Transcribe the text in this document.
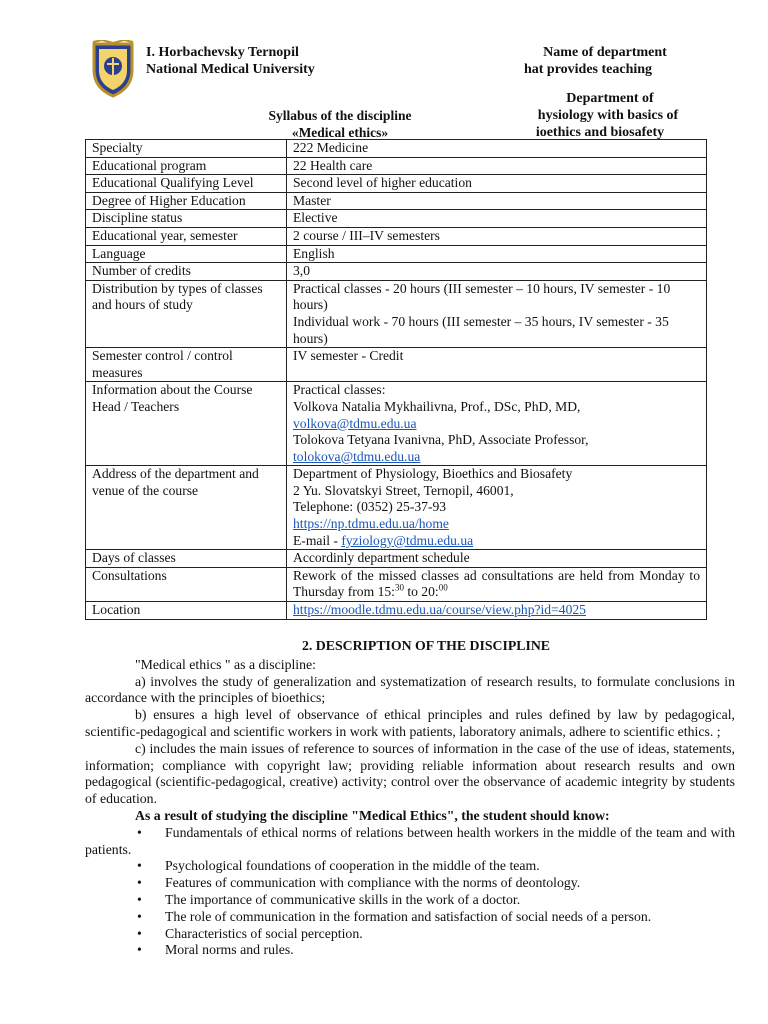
I. Horbachevsky Ternopil
National Medical University
Name of department
hat provides teaching
Department of
hysiology with basics of
ioethics and biosafety
Syllabus of the discipline
«Medical ethics»
Specialty	222 Medicine
Educational program	22 Health care
Educational Qualifying Level	Second level of higher education
Degree of Higher Education	Master
Discipline status	Elective
Educational year, semester	2 course / III–IV semesters
Language	English
Number of credits	3,0
Distribution by types of classes and hours of study	Practical classes - 20 hours (III semester – 10 hours, IV semester - 10 hours)
Individual work - 70 hours (III semester – 35 hours, IV semester - 35 hours)

Semester control / control measures	IV semester - Credit
Information about the Course Head / Teachers	Practical classes:
Volkova Natalia Mykhailivna, Prof., DSc, PhD, MD,
volkova@tdmu.edu.ua
Tolokova Tetyana Ivanivna, PhD, Associate Professor,
tolokova@tdmu.edu.ua

Address of the department and venue of the course	Department of Physiology, Bioethics and Biosafety
2 Yu. Slovatskyi Street, Ternopil, 46001,
Telephone: (0352) 25-37-93
https://np.tdmu.edu.ua/home
E-mail - fyziology@tdmu.edu.ua

Days of classes	Accordinly department schedule
Consultations	Rework of the missed classes ad consultations are held from Monday to Thursday from 15:$^{30}$ to 20:$^{00}$
Location	https://moodle.tdmu.edu.ua/course/view.php?id=4025
2. DESCRIPTION OF THE DISCIPLINE

"Medical ethics " as a discipline:

a) involves the study of generalization and systematization of research results, to formulate conclusions in accordance with the principles of bioethics;

b) ensures a high level of observance of ethical principles and rules defined by law by pedagogical, scientific-pedagogical and scientific workers in work with patients, laboratory animals, adhere to scientific ethics. ;

c) includes the main issues of reference to sources of information in the case of the use of ideas, statements, information; compliance with copyright law; providing reliable information about research results and own pedagogical (scientific-pedagogical, creative) activity; control over the observance of academic integrity by students of education.

As a result of studying the discipline "Medical Ethics", the student should know:

• Fundamentals of ethical norms of relations between health workers in the middle of the team and with patients.
• Psychological foundations of cooperation in the middle of the team.
• Features of communication with compliance with the norms of deontology.
• The importance of communicative skills in the work of a doctor.
• The role of communication in the formation and satisfaction of social needs of a person.
• Characteristics of social perception.
• Moral norms and rules.
